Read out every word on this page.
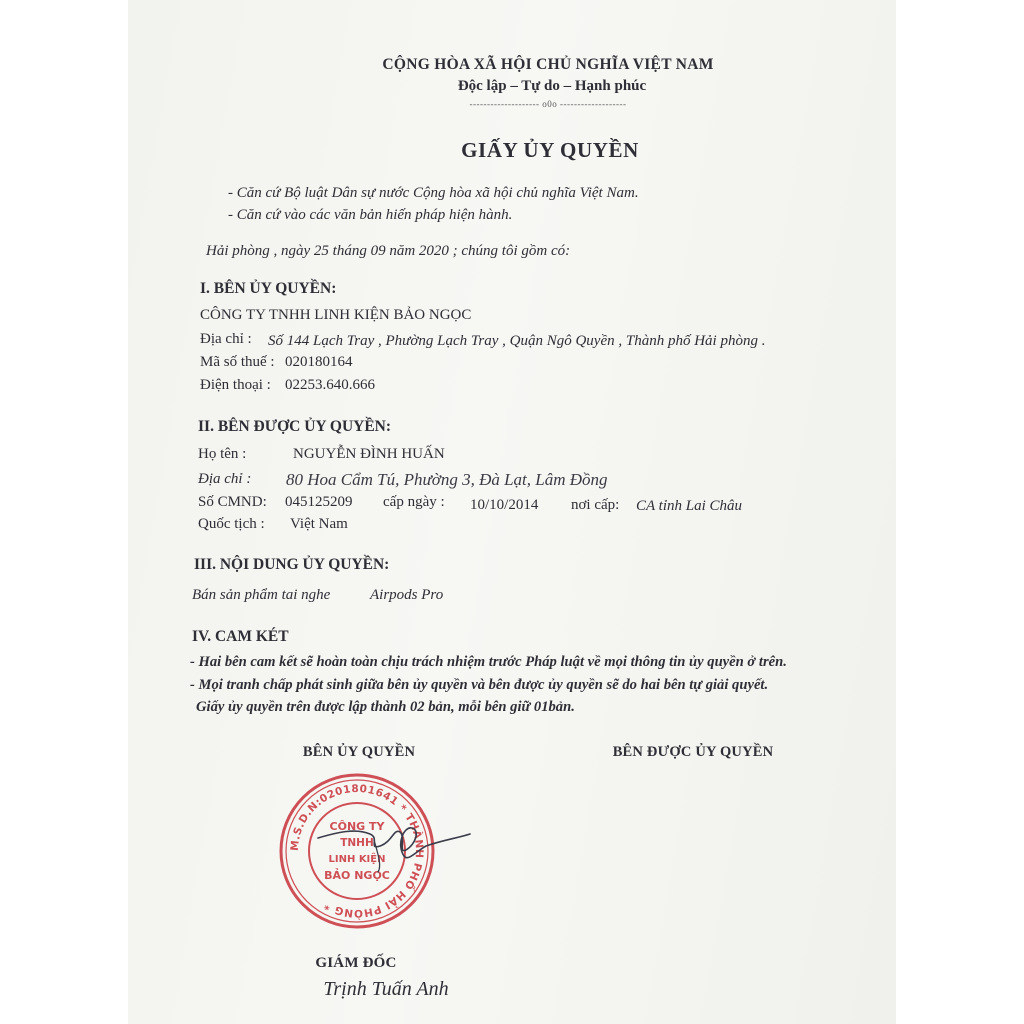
CỘNG HÒA XÃ HỘI CHỦ NGHĨA VIỆT NAM
Độc lập – Tự do – Hạnh phúc
-------------------- o0o -------------------
GIẤY ỦY QUYỀN
- Căn cứ Bộ luật Dân sự nước Cộng hòa xã hội chủ nghĩa Việt Nam.
- Căn cứ vào các văn bản hiến pháp hiện hành.
Hải phòng , ngày 25 tháng 09 năm 2020 ; chúng tôi gồm có:
I. BÊN ỦY QUYỀN:
CÔNG TY TNHH LINH KIỆN BẢO NGỌC
Địa chỉ : Số 144 Lạch Tray , Phường Lạch Tray , Quận Ngô Quyền , Thành phố Hải phòng .
Mã số thuế : 020180164
Điện thoại : 02253.640.666
II. BÊN ĐƯỢC ỦY QUYỀN:
Họ tên :	NGUYỄN ĐÌNH HUẤN
Địa chỉ : 80 Hoa Cẩm Tú, Phường 3, Đà Lạt, Lâm Đồng
Số CMND: 045125209 cấp ngày : 10/10/2014 nơi cấp: CA tỉnh Lai Châu
Quốc tịch : Việt Nam
III. NỘI DUNG ỦY QUYỀN:
Bán sản phẩm tai nghe	Airpods Pro
IV. CAM KÉT
- Hai bên cam kết sẽ hoàn toàn chịu trách nhiệm trước Pháp luật về mọi thông tin ủy quyền ở trên.
- Mọi tranh chấp phát sinh giữa bên ủy quyền và bên được ủy quyền sẽ do hai bên tự giải quyết.
Giấy ủy quyền trên được lập thành 02 bản, mỗi bên giữ 01bản.
BÊN ỦY QUYỀN	BÊN ĐƯỢC ỦY QUYỀN
M.S.D.N:0201801641 * THÀNH PHỐ HẢI PHÒNG *
CÔNG TY
TNHH
LINH KIỆN
BẢO NGỌC
GIÁM ĐỐC
Trịnh Tuấn Anh
